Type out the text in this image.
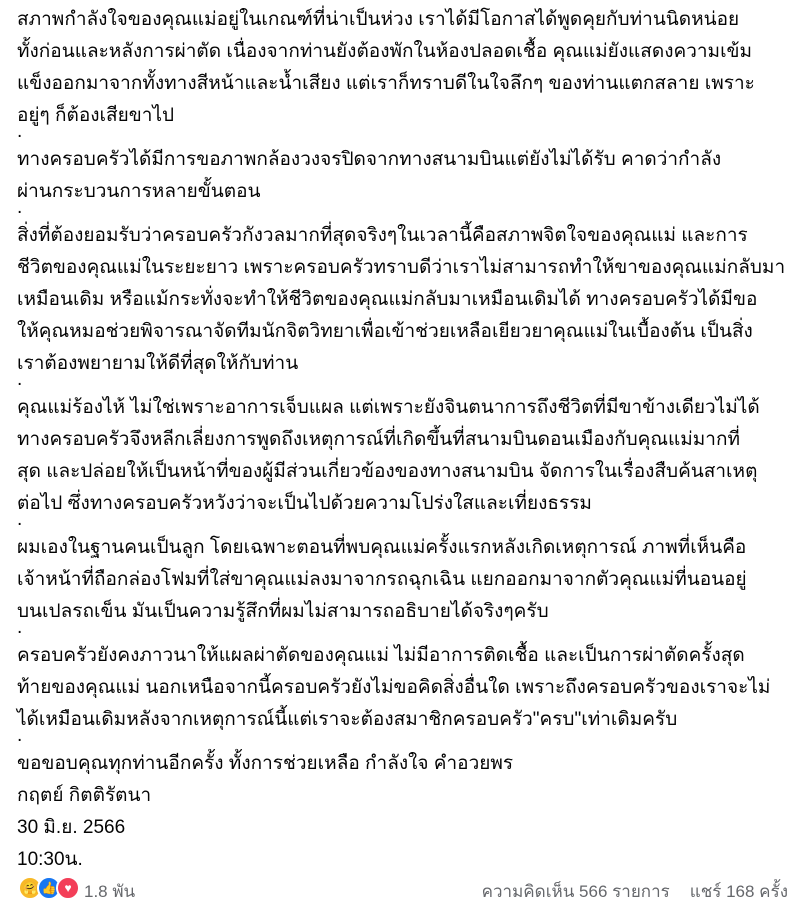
สภาพกำลังใจของคุณแม่อยู่ในเกณฑ์ที่น่าเป็นห่วง เราได้มีโอกาสได้พูดคุยกับท่านนิดหน่อย
ทั้งก่อนและหลังการผ่าตัด เนื่องจากท่านยังต้องพักในห้องปลอดเชื้อ คุณแม่ยังแสดงความเข้ม
แข็งออกมาจากทั้งทางสีหน้าและน้ำเสียง แต่เราก็ทราบดีในใจลึกๆ ของท่านแตกสลาย เพราะ
อยู่ๆ ก็ต้องเสียขาไป
.
ทางครอบครัวได้มีการขอภาพกล้องวงจรปิดจากทางสนามบินแต่ยังไม่ได้รับ คาดว่ากำลัง
ผ่านกระบวนการหลายขั้นตอน
.
สิ่งที่ต้องยอมรับว่าครอบครัวกังวลมากที่สุดจริงๆในเวลานี้คือสภาพจิตใจของคุณแม่ และการ
ชีวิตของคุณแม่ในระยะยาว เพราะครอบครัวทราบดีว่าเราไม่สามารถทำให้ขาของคุณแม่กลับมา
เหมือนเดิม หรือแม้กระทั่งจะทำให้ชีวิตของคุณแม่กลับมาเหมือนเดิมได้ ทางครอบครัวได้มีขอ
ให้คุณหมอช่วยพิจารณาจัดทีมนักจิตวิทยาเพื่อเข้าช่วยเหลือเยียวยาคุณแม่ในเบื้องต้น เป็นสิ่ง
เราต้องพยายามให้ดีที่สุดให้กับท่าน
.
คุณแม่ร้องไห้ ไม่ใช่เพราะอาการเจ็บแผล แต่เพราะยังจินตนาการถึงชีวิตที่มีขาข้างเดียวไม่ได้
ทางครอบครัวจึงหลีกเลี่ยงการพูดถึงเหตุการณ์ที่เกิดขึ้นที่สนามบินดอนเมืองกับคุณแม่มากที่
สุด และปล่อยให้เป็นหน้าที่ของผู้มีส่วนเกี่ยวข้องของทางสนามบิน จัดการในเรื่องสืบค้นสาเหตุ
ต่อไป ซึ่งทางครอบครัวหวังว่าจะเป็นไปด้วยความโปร่งใสและเที่ยงธรรม
.
ผมเองในฐานคนเป็นลูก โดยเฉพาะตอนที่พบคุณแม่ครั้งแรกหลังเกิดเหตุการณ์ ภาพที่เห็นคือ
เจ้าหน้าที่ถือกล่องโฟมที่ใส่ขาคุณแม่ลงมาจากรถฉุกเฉิน แยกออกมาจากตัวคุณแม่ที่นอนอยู่
บนเปลรถเข็น มันเป็นความรู้สึกที่ผมไม่สามารถอธิบายได้จริงๆครับ
.
ครอบครัวยังคงภาวนาให้แผลผ่าตัดของคุณแม่ ไม่มีอาการติดเชื้อ และเป็นการผ่าตัดครั้งสุด
ท้ายของคุณแม่ นอกเหนือจากนี้ครอบครัวยังไม่ขอคิดสิ่งอื่นใด เพราะถึงครอบครัวของเราจะไม่
ได้เหมือนเดิมหลังจากเหตุการณ์นี้แต่เราจะต้องสมาชิกครอบครัว"ครบ"เท่าเดิมครับ
.
ขอขอบคุณทุกท่านอีกครั้ง ทั้งการช่วยเหลือ กำลังใจ คำอวยพร
กฤตย์ กิตติรัตนา
30 มิ.ย. 2566
10:30น.
🤗 👍 ♥ 1.8 พัน	ความคิดเห็น 566 รายการ แชร์ 168 ครั้ง
